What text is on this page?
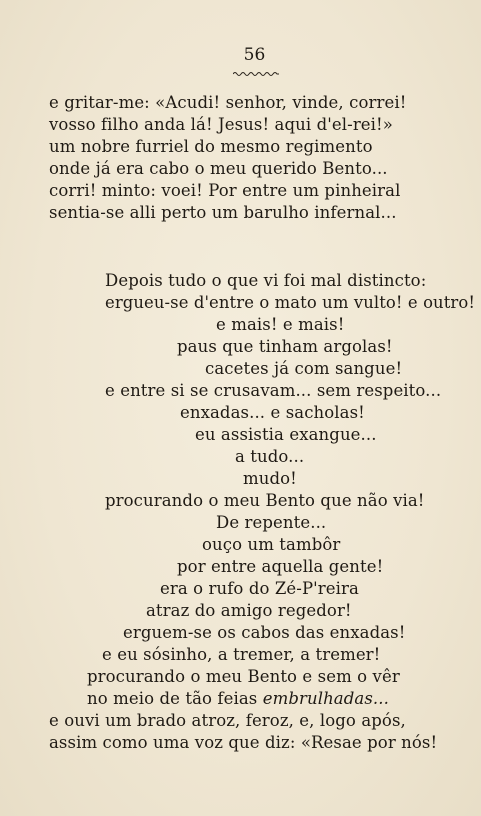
56
e gritar-me: «Acudi! senhor, vinde, correi!
vosso filho anda lá! Jesus! aqui d'el-rei!»
um nobre furriel do mesmo regimento
onde já era cabo o meu querido Bento...
corri! minto: voei! Por entre um pinheiral
sentia-se alli perto um barulho infernal...
Depois tudo o que vi foi mal distincto:
ergueu-se d'entre o mato um vulto! e outro!
e mais! e mais!
paus que tinham argolas!
cacetes já com sangue!
e entre si se crusavam... sem respeito...
enxadas... e sacholas!
eu assistia exangue...
a tudo...
mudo!
procurando o meu Bento que não via!
De repente...
ouço um tambôr
por entre aquella gente!
era o rufo do Zé-P'reira
atraz do amigo regedor!
erguem-se os cabos das enxadas!
e eu sósinho, a tremer, a tremer!
procurando o meu Bento e sem o vêr
no meio de tão feias embrulhadas...
e ouvi um brado atroz, feroz, e, logo após,
assim como uma voz que diz: «Resae por nós!
